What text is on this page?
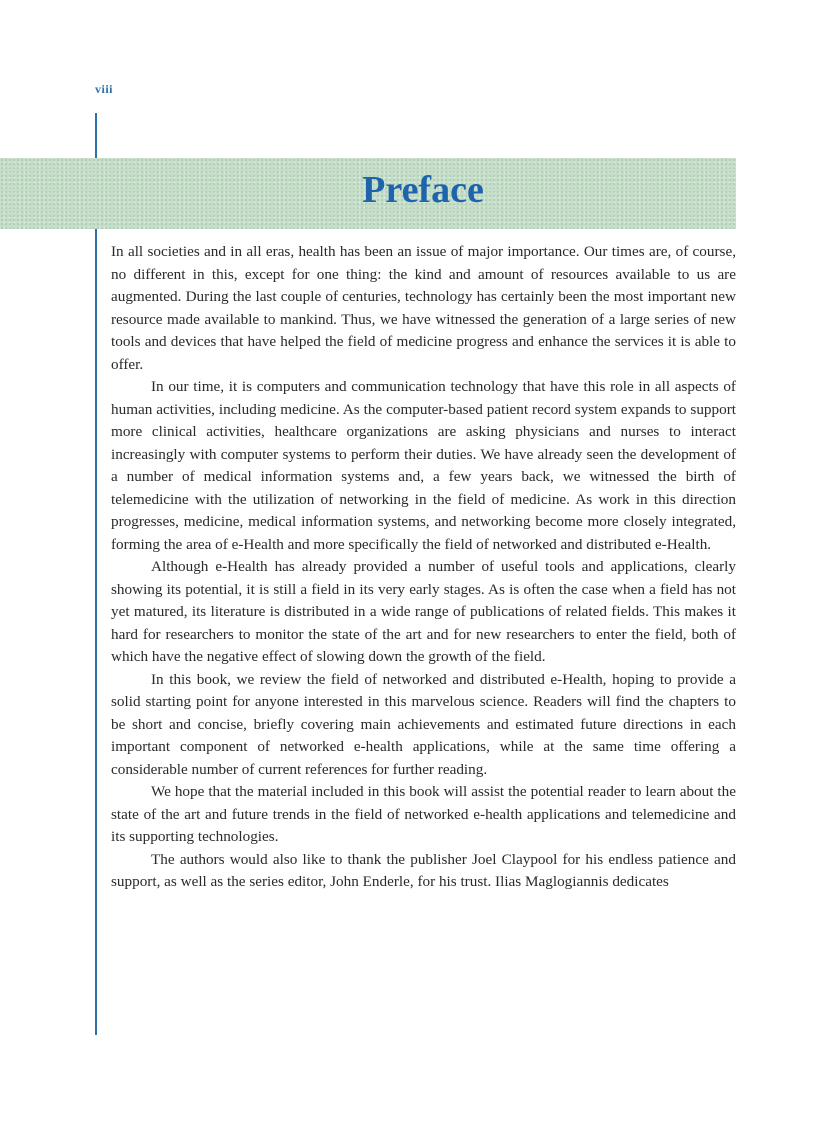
viii
Preface

In all societies and in all eras, health has been an issue of major importance. Our times are, of course, no different in this, except for one thing: the kind and amount of resources available to us are augmented. During the last couple of centuries, technology has certainly been the most important new resource made available to mankind. Thus, we have witnessed the generation of a large series of new tools and devices that have helped the field of medicine progress and enhance the services it is able to offer.

In our time, it is computers and communication technology that have this role in all aspects of human activities, including medicine. As the computer-based patient record system expands to support more clinical activities, healthcare organizations are asking physicians and nurses to interact increasingly with computer systems to perform their duties. We have already seen the development of a number of medical information systems and, a few years back, we witnessed the birth of telemedicine with the utilization of networking in the field of medicine. As work in this direction progresses, medicine, medical information systems, and networking become more closely integrated, forming the area of e-Health and more specifically the field of networked and distributed e-Health.

Although e-Health has already provided a number of useful tools and applications, clearly showing its potential, it is still a field in its very early stages. As is often the case when a field has not yet matured, its literature is distributed in a wide range of publications of related fields. This makes it hard for researchers to monitor the state of the art and for new researchers to enter the field, both of which have the negative effect of slowing down the growth of the field.

In this book, we review the field of networked and distributed e-Health, hoping to provide a solid starting point for anyone interested in this marvelous science. Readers will find the chapters to be short and concise, briefly covering main achievements and estimated future directions in each important component of networked e-health applications, while at the same time offering a considerable number of current references for further reading.

We hope that the material included in this book will assist the potential reader to learn about the state of the art and future trends in the field of networked e-health applications and telemedicine and its supporting technologies.

The authors would also like to thank the publisher Joel Claypool for his endless patience and support, as well as the series editor, John Enderle, for his trust. Ilias Maglogiannis dedicates
